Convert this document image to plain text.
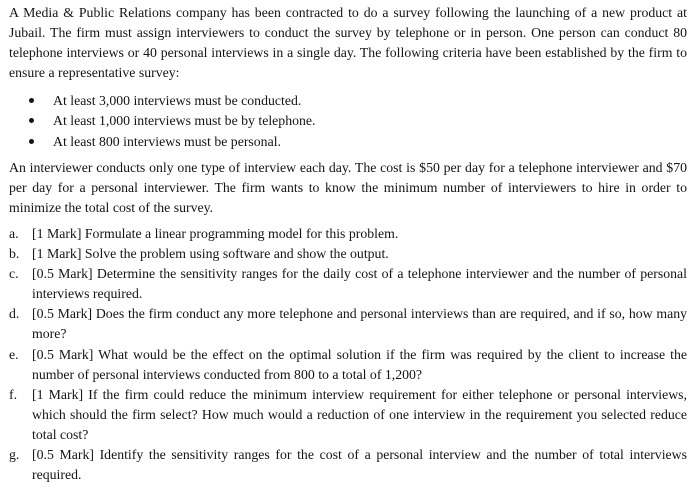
A Media & Public Relations company has been contracted to do a survey following the launching of a new product at Jubail. The firm must assign interviewers to conduct the survey by telephone or in person. One person can conduct 80 telephone interviews or 40 personal interviews in a single day. The following criteria have been established by the firm to ensure a representative survey:

At least 3,000 interviews must be conducted.
At least 1,000 interviews must be by telephone.
At least 800 interviews must be personal.

An interviewer conducts only one type of interview each day. The cost is $50 per day for a telephone interviewer and $70 per day for a personal interviewer. The firm wants to know the minimum number of interviewers to hire in order to minimize the total cost of the survey.

a. [1 Mark] Formulate a linear programming model for this problem.
b. [1 Mark] Solve the problem using software and show the output.
c. [0.5 Mark] Determine the sensitivity ranges for the daily cost of a telephone interviewer and the number of personal interviews required.
d. [0.5 Mark] Does the firm conduct any more telephone and personal interviews than are required, and if so, how many more?
e. [0.5 Mark] What would be the effect on the optimal solution if the firm was required by the client to increase the number of personal interviews conducted from 800 to a total of 1,200?
f.	[1 Mark] If the firm could reduce the minimum interview requirement for either telephone or personal interviews, which should the firm select? How much would a reduction of one interview in the requirement you selected reduce total cost?
g. [0.5 Mark] Identify the sensitivity ranges for the cost of a personal interview and the number of total interviews required.
